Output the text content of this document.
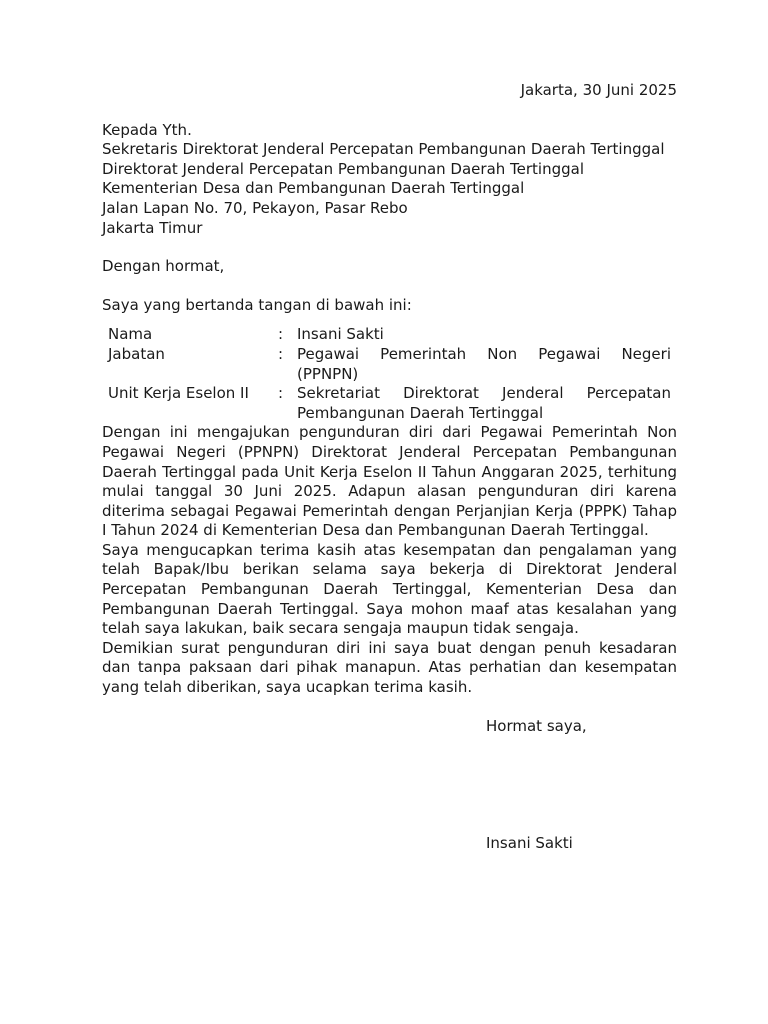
Jakarta, 30 Juni 2025
Kepada Yth.
Sekretaris Direktorat Jenderal Percepatan Pembangunan Daerah Tertinggal
Direktorat Jenderal Percepatan Pembangunan Daerah Tertinggal
Kementerian Desa dan Pembangunan Daerah Tertinggal
Jalan Lapan No. 70, Pekayon, Pasar Rebo
Jakarta Timur
Dengan hormat,
Saya yang bertanda tangan di bawah ini:
Nama	:	Insani Sakti
Jabatan	:	Pegawai Pemerintah Non Pegawai Negeri (PPNPN)
Unit Kerja Eselon II	:	Sekretariat Direktorat Jenderal Percepatan Pembangunan Daerah Tertinggal

Dengan ini mengajukan pengunduran diri dari Pegawai Pemerintah Non Pegawai Negeri (PPNPN) Direktorat Jenderal Percepatan Pembangunan Daerah Tertinggal pada Unit Kerja Eselon II Tahun Anggaran 2025, terhitung mulai tanggal 30 Juni 2025. Adapun alasan pengunduran diri karena diterima sebagai Pegawai Pemerintah dengan Perjanjian Kerja (PPPK) Tahap I Tahun 2024 di Kementerian Desa dan Pembangunan Daerah Tertinggal.

Saya mengucapkan terima kasih atas kesempatan dan pengalaman yang telah Bapak/Ibu berikan selama saya bekerja di Direktorat Jenderal Percepatan Pembangunan Daerah Tertinggal, Kementerian Desa dan Pembangunan Daerah Tertinggal. Saya mohon maaf atas kesalahan yang telah saya lakukan, baik secara sengaja maupun tidak sengaja.

Demikian surat pengunduran diri ini saya buat dengan penuh kesadaran dan tanpa paksaan dari pihak manapun. Atas perhatian dan kesempatan yang telah diberikan, saya ucapkan terima kasih.

Hormat saya,
Insani Sakti
